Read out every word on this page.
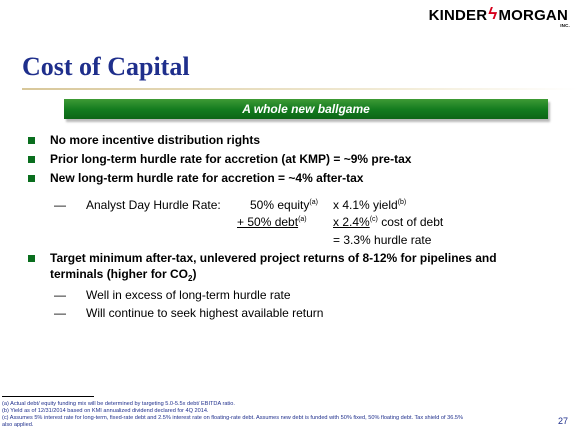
KINDER ϟ MORGAN
INC.
Cost of Capital
A whole new ballgame
No more incentive distribution rights
Prior long-term hurdle rate for accretion (at KMP) = ~9% pre-tax
New long-term hurdle rate for accretion = ~4% after-tax
— Analyst Day Hurdle Rate: 50% equity$^{(a)}$ x 4.1% yield$^{(b)}$
+ 50% debt$^{(a)}$ x 2.4%$^{(c)}$ cost of debt
= 3.3% hurdle rate
Target minimum after-tax, unlevered project returns of 8-12% for pipelines and
terminals (higher for $CO_2$)
— Well in excess of long-term hurdle rate
— Will continue to seek highest available return
(a) Actual debt/ equity funding mix will be determined by targeting 5.0-5.5x debt/ EBITDA ratio.
(b) Yield as of 12/31/2014 based on KMI annualized dividend declared for 4Q 2014.
(c) Assumes 5% interest rate for long-term, fixed-rate debt and 2.5% interest rate on floating-rate debt. Assumes new debt is funded with 50% fixed, 50% floating debt. Tax shield of 36.5%
also applied.	27
